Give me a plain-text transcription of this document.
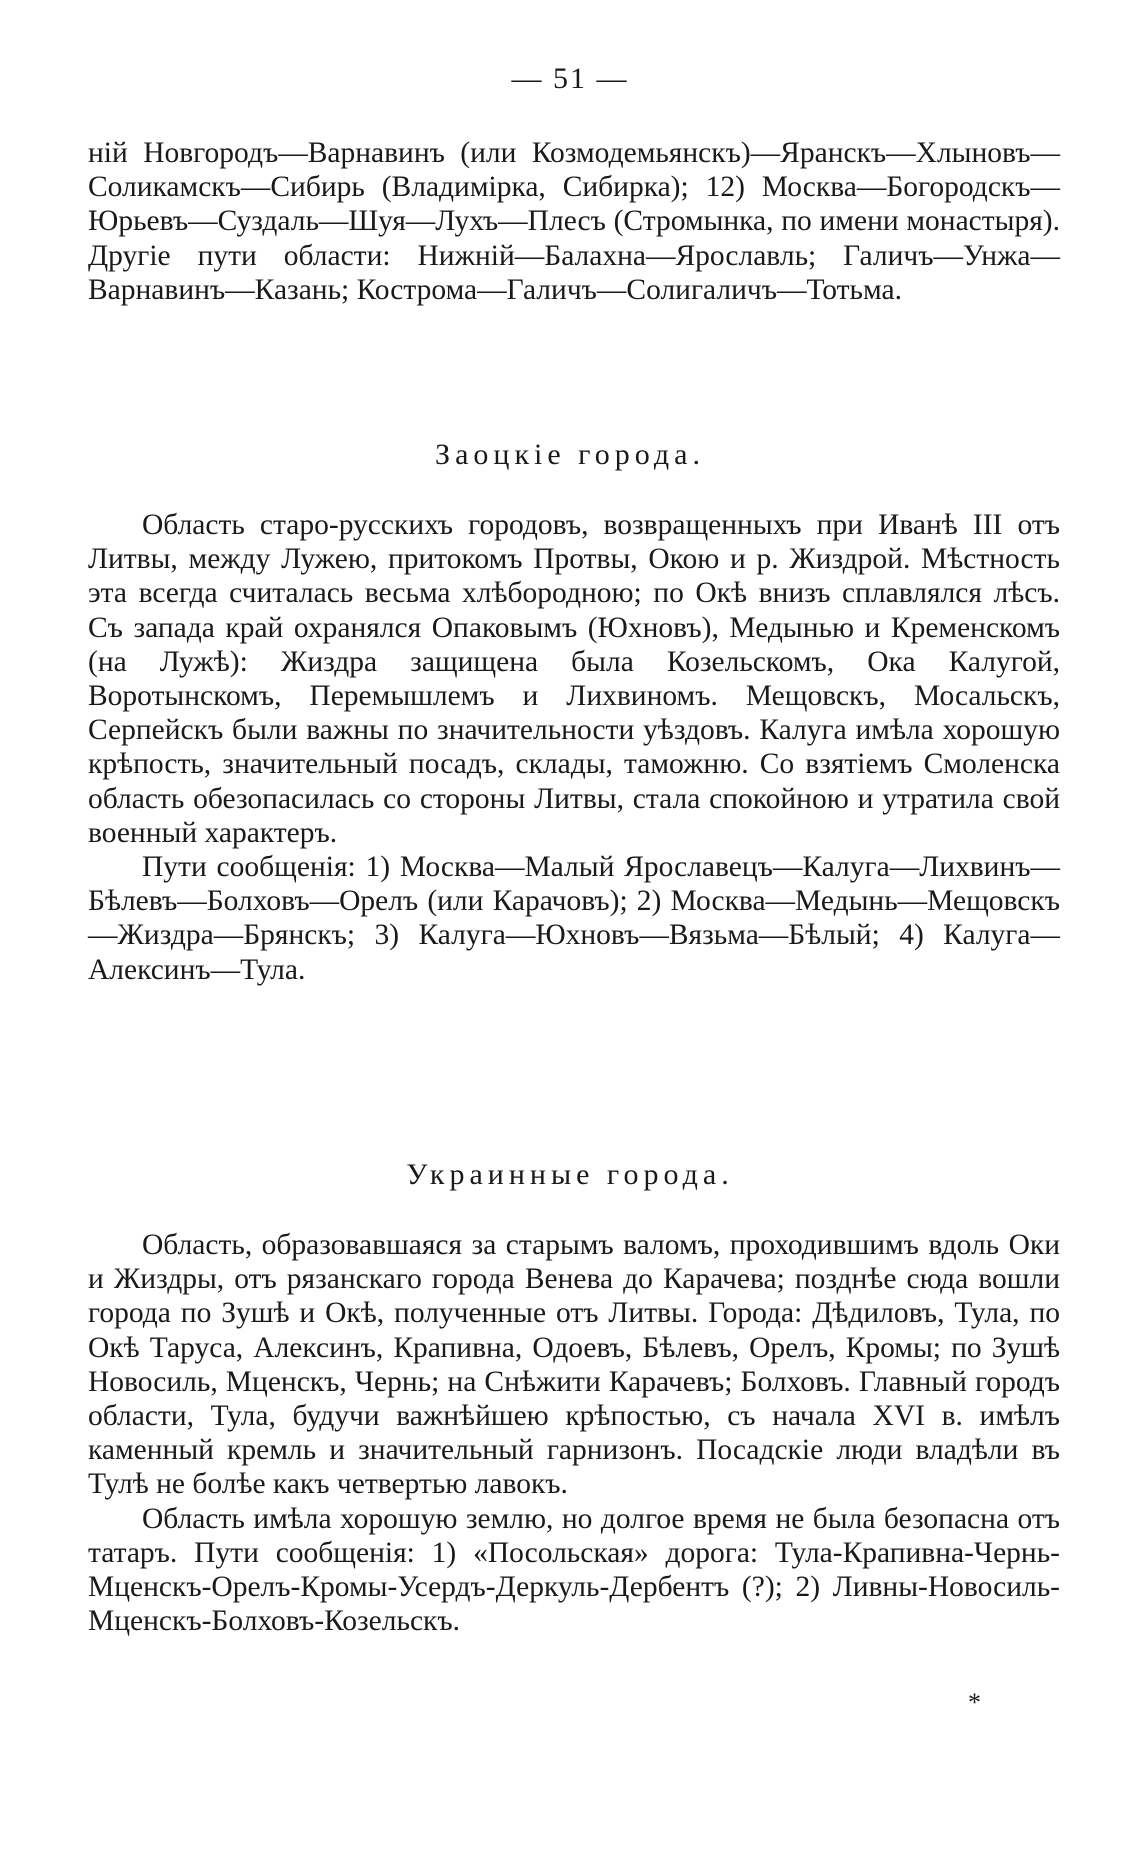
— 51 —

ній Новгородъ—Варнавинъ (или Козмодемьянскъ)—Яранскъ—Хлыновъ—Соликамскъ—Сибирь (Владимірка, Сибирка); 12) Москва—Богородскъ—Юрьевъ—Суздаль—Шуя—Лухъ—Плесъ (Стромынка, по имени монастыря). Другіе пути области: Нижній—Балахна—Ярославль; Галичъ—Унжа—Варнавинъ—Казань; Кострома—Галичъ—Солигаличъ—Тотьма.

Заоцкіе города.

Область старо-русскихъ городовъ, возвращенныхъ при Иванѣ III отъ Литвы, между Лужею, притокомъ Протвы, Окою и р. Жиздрой. Мѣстность эта всегда считалась весьма хлѣбородною; по Окѣ внизъ сплавлялся лѣсъ. Съ запада край охранялся Опаковымъ (Юхновъ), Медынью и Кременскомъ (на Лужѣ): Жиздра защищена была Козельскомъ, Ока Калугой, Воротынскомъ, Перемышлемъ и Лихвиномъ. Мещовскъ, Мосальскъ, Серпейскъ были важны по значительности уѣздовъ. Калуга имѣла хорошую крѣпость, значительный посадъ, склады, таможню. Со взятіемъ Смоленска область обезопасилась со стороны Литвы, стала спокойною и утратила свой военный характеръ.

Пути сообщенія: 1) Москва—Малый Ярославецъ—Калуга—Лихвинъ—Бѣлевъ—Болховъ—Орелъ (или Карачовъ); 2) Москва—Медынь—Мещовскъ—Жиздра—Брянскъ; 3) Калуга—Юхновъ—Вязьма—Бѣлый; 4) Калуга—Алексинъ—Тула.

Украинные города.

Область, образовавшаяся за старымъ валомъ, проходившимъ вдоль Оки и Жиздры, отъ рязанскаго города Венева до Карачева; позднѣе сюда вошли города по Зушѣ и Окѣ, полученные отъ Литвы. Города: Дѣдиловъ, Тула, по Окѣ Таруса, Алексинъ, Крапивна, Одоевъ, Бѣлевъ, Орелъ, Кромы; по Зушѣ Новосиль, Мценскъ, Чернь; на Снѣжити Карачевъ; Болховъ. Главный городъ области, Тула, будучи важнѣйшею крѣпостью, съ начала XVI в. имѣлъ каменный кремль и значительный гарнизонъ. Посадскіе люди владѣли въ Тулѣ не болѣе какъ четвертью лавокъ.

Область имѣла хорошую землю, но долгое время не была безопасна отъ татаръ. Пути сообщенія: 1) «Посольская» дорога: Тула-Крапивна-Чернь-Мценскъ-Орелъ-Кромы-Усердъ-Деркуль-Дербентъ (?); 2) Ливны-Новосиль-Мценскъ-Болховъ-Козельскъ.

*
